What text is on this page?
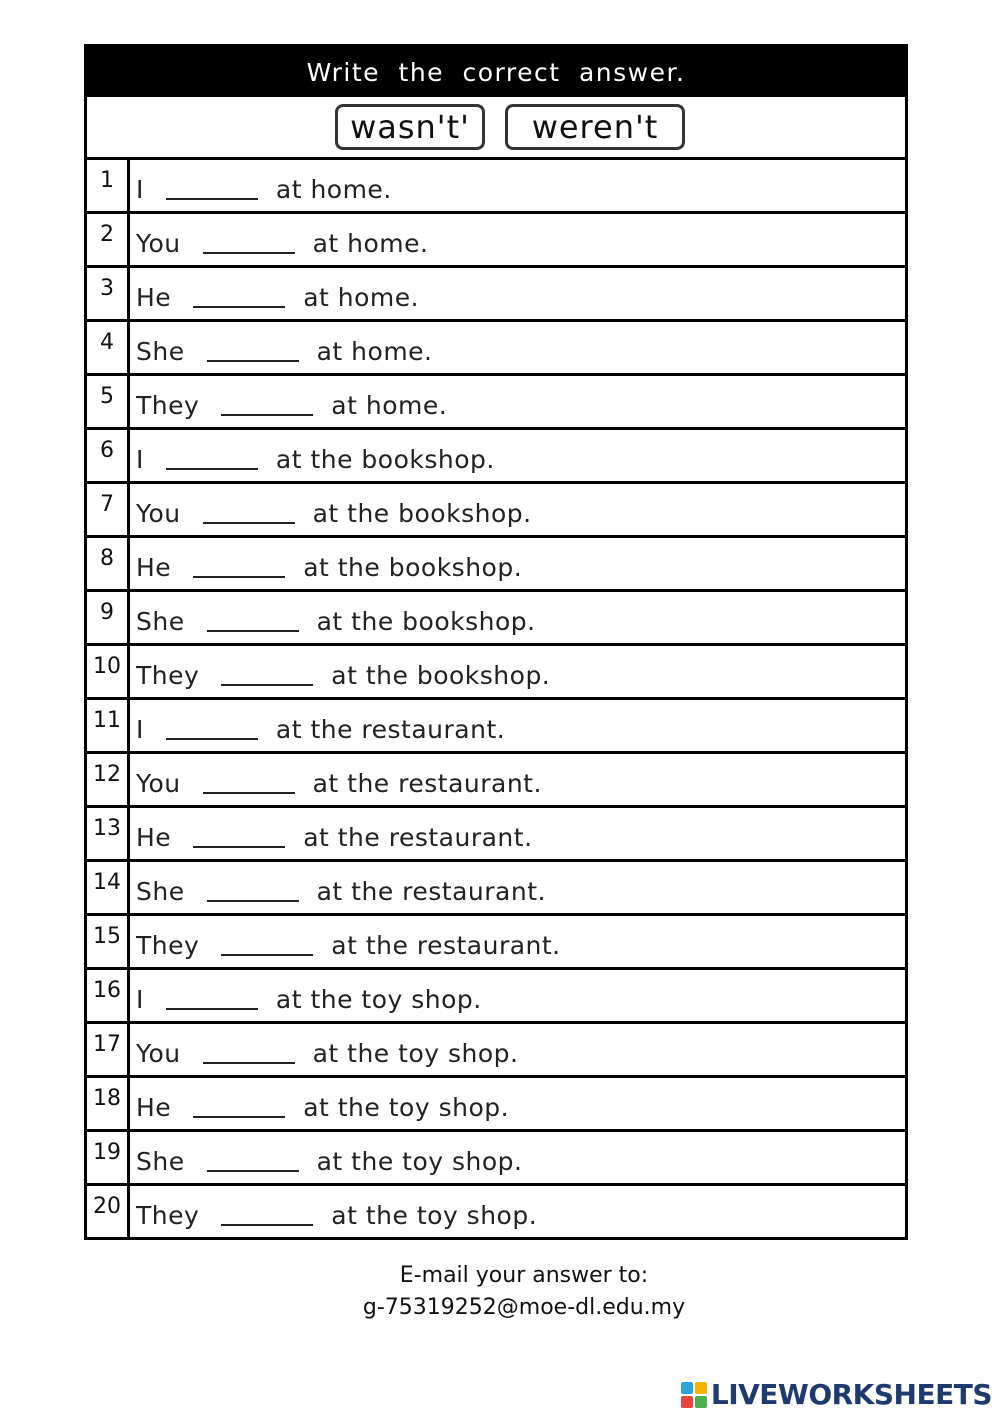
Write the correct answer.
wasn't'	weren't
1 I	at home.
2 You	at home.
3 He	at home.
4 She	at home.
5 They	at home.
6 I	at the bookshop.
7 You	at the bookshop.
8 He	at the bookshop.
9 She	at the bookshop.
10 They	at the bookshop.
11 I	at the restaurant.
12 You	at the restaurant.
13 He	at the restaurant.
14 She	at the restaurant.
15 They	at the restaurant.
16 I	at the toy shop.
17 You	at the toy shop.
18 He	at the toy shop.
19 She	at the toy shop.
20 They	at the toy shop.
E-mail your answer to:
g-75319252@moe-dl.edu.my
LIVEWORKSHEETS
